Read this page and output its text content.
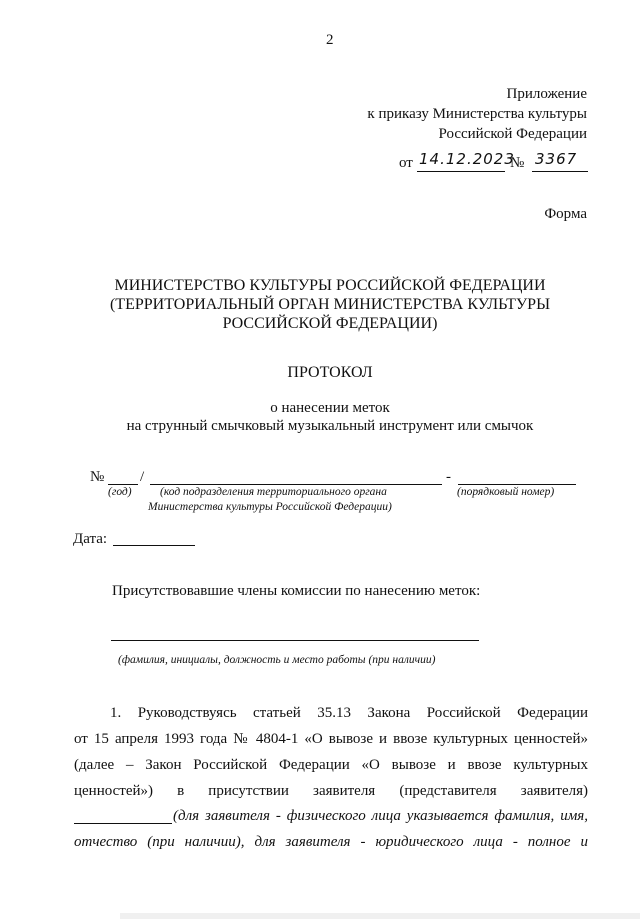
2
Приложение
к приказу Министерства культуры
Российской Федерации
от 14.12.2023
№ 3367
Форма
МИНИСТЕРСТВО КУЛЬТУРЫ РОССИЙСКОЙ ФЕДЕРАЦИИ
(ТЕРРИТОРИАЛЬНЫЙ ОРГАН МИНИСТЕРСТВА КУЛЬТУРЫ
РОССИЙСКОЙ ФЕДЕРАЦИИ)
ПРОТОКОЛ
о нанесении меток
на струнный смычковый музыкальный инструмент или смычок
№ /	-
(год) (код подразделения территориального органа
Министерства культуры Российской Федерации)
(порядковый номер)
Дата:
Присутствовавшие члены комиссии по нанесению меток:
(фамилия, инициалы, должность и место работы (при наличии)
1. Руководствуясь статьей 35.13 Закона Российской Федерации
от 15 апреля 1993 года № 4804-1 «О вывозе и ввозе культурных ценностей»
(далее – Закон Российской Федерации «О вывозе и ввозе культурных
ценностей») в присутствии заявителя (представителя заявителя)
(для заявителя - физического лица указывается фамилия, имя,
отчество (при наличии), для заявителя - юридического лица - полное и
